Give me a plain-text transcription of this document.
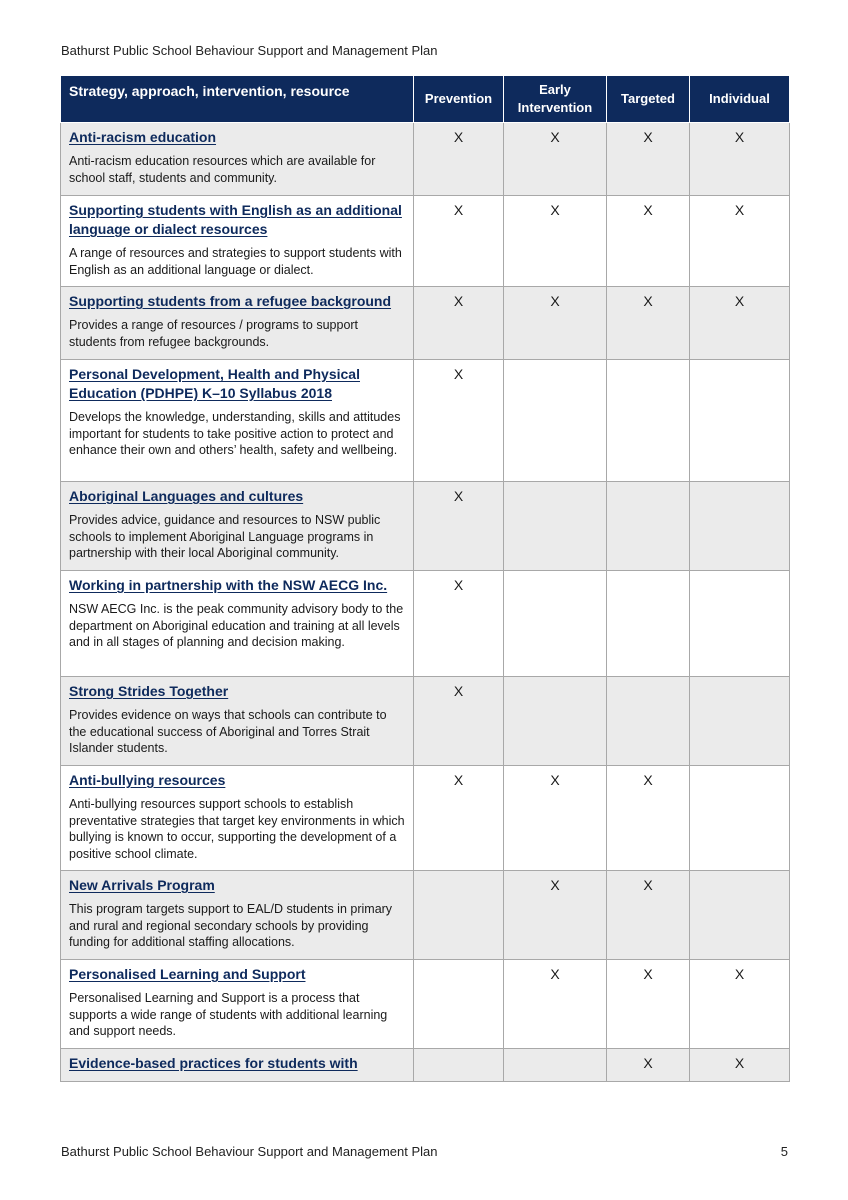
Bathurst Public School Behaviour Support and Management Plan
Strategy, approach, intervention, resource	Prevention	Early Intervention	Targeted	Individual

Anti-racism education
Anti-racism education resources which are available for school staff, students and community.	X	X	X	X

Supporting students with English as an additional language or dialect resources
A range of resources and strategies to support students with English as an additional language or dialect.	X	X	X	X

Supporting students from a refugee background
Provides a range of resources / programs to support students from refugee backgrounds.	X	X	X	X

Personal Development, Health and Physical Education (PDHPE) K–10 Syllabus 2018
Develops the knowledge, understanding, skills and attitudes important for students to take positive action to protect and enhance their own and others’ health, safety and wellbeing.	X			

Aboriginal Languages and cultures
Provides advice, guidance and resources to NSW public schools to implement Aboriginal Language programs in partnership with their local Aboriginal community.	X			

Working in partnership with the NSW AECG Inc.
NSW AECG Inc. is the peak community advisory body to the department on Aboriginal education and training at all levels and in all stages of planning and decision making.	X			

Strong Strides Together
Provides evidence on ways that schools can contribute to the educational success of Aboriginal and Torres Strait Islander students.	X			

Anti-bullying resources
Anti-bullying resources support schools to establish preventative strategies that target key environments in which bullying is known to occur, supporting the development of a positive school climate.	X	X	X	

New Arrivals Program
This program targets support to EAL/D students in primary and rural and regional secondary schools by providing funding for additional staffing allocations.		X	X	

Personalised Learning and Support
Personalised Learning and Support is a process that supports a wide range of students with additional learning and support needs.		X	X	X

Evidence-based practices for students with			X	X
Bathurst Public School Behaviour Support and Management Plan	5
